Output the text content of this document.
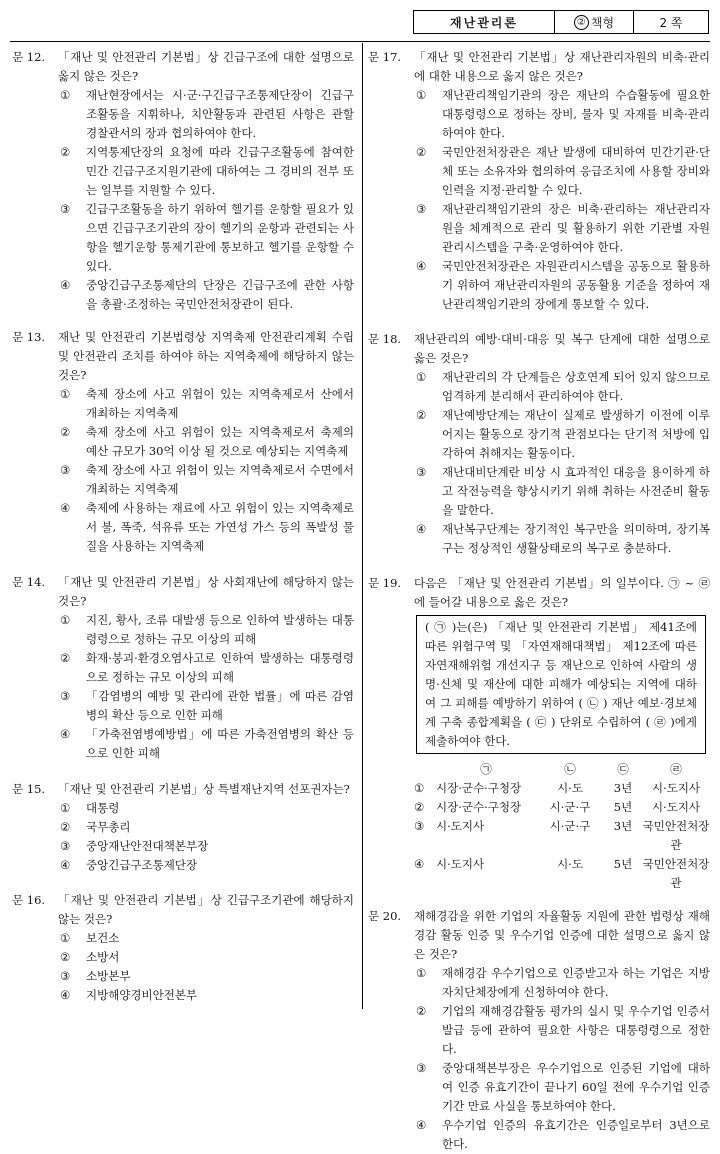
재난관리론	② 책형	2 쪽
문 12. 「재난 및 안전관리 기본법」상 긴급구조에 대한 설명으로 옳지 않은 것은?
①	재난현장에서는 시·군·구긴급구조통제단장이 긴급구조활동을 지휘하나, 치안활동과 관련된 사항은 관할 경찰관서의 장과 협의하여야 한다.
②	지역통제단장의 요청에 따라 긴급구조활동에 참여한 민간 긴급구조지원기관에 대하여는 그 경비의 전부 또는 일부를 지원할 수 있다.
③	긴급구조활동을 하기 위하여 헬기를 운항할 필요가 있으면 긴급구조기관의 장이 헬기의 운항과 관련되는 사항을 헬기운항 통제기관에 통보하고 헬기를 운항할 수 있다.
④	중앙긴급구조통제단의 단장은 긴급구조에 관한 사항을 총괄·조정하는 국민안전처장관이 된다.
문 13. 재난 및 안전관리 기본법령상 지역축제 안전관리계획 수립 및 안전관리 조치를 하여야 하는 지역축제에 해당하지 않는 것은?
①	축제 장소에 사고 위험이 있는 지역축제로서 산에서 개최하는 지역축제
②	축제 장소에 사고 위험이 있는 지역축제로서 축제의 예산 규모가 30억 이상 될 것으로 예상되는 지역축제
③	축제 장소에 사고 위험이 있는 지역축제로서 수면에서 개최하는 지역축제
④	축제에 사용하는 재료에 사고 위험이 있는 지역축제로서 불, 폭죽, 석유류 또는 가연성 가스 등의 폭발성 물질을 사용하는 지역축제
문 14. 「재난 및 안전관리 기본법」상 사회재난에 해당하지 않는 것은?
①	지진, 황사, 조류 대발생 등으로 인하여 발생하는 대통령령으로 정하는 규모 이상의 피해
②	화재·붕괴·환경오염사고로 인하여 발생하는 대통령령으로 정하는 규모 이상의 피해
③	「감염병의 예방 및 관리에 관한 법률」에 따른 감염병의 확산 등으로 인한 피해
④	「가축전염병예방법」에 따른 가축전염병의 확산 등으로 인한 피해
문 15. 「재난 및 안전관리 기본법」상 특별재난지역 선포권자는?
①	대통령
②	국무총리
③	중앙재난안전대책본부장
④	중앙긴급구조통제단장
문 16. 「재난 및 안전관리 기본법」상 긴급구조기관에 해당하지 않는 것은?
①	보건소
②	소방서
③	소방본부
④	지방해양경비안전본부
문 17. 「재난 및 안전관리 기본법」상 재난관리자원의 비축·관리에 대한 내용으로 옳지 않은 것은?
①	재난관리책임기관의 장은 재난의 수습활동에 필요한 대통령령으로 정하는 장비, 물자 및 자재를 비축·관리하여야 한다.
②	국민안전처장관은 재난 발생에 대비하여 민간기관·단체 또는 소유자와 협의하여 응급조치에 사용할 장비와 인력을 지정·관리할 수 있다.
③	재난관리책임기관의 장은 비축·관리하는 재난관리자원을 체계적으로 관리 및 활용하기 위한 기관별 자원관리시스템을 구축·운영하여야 한다.
④	국민안전처장관은 자원관리시스템을 공동으로 활용하기 위하여 재난관리자원의 공동활용 기준을 정하여 재난관리책임기관의 장에게 통보할 수 있다.
문 18. 재난관리의 예방·대비·대응 및 복구 단계에 대한 설명으로 옳은 것은?
①	재난관리의 각 단계들은 상호연계 되어 있지 않으므로 엄격하게 분리해서 관리하여야 한다.
②	재난예방단계는 재난이 실제로 발생하기 이전에 이루어지는 활동으로 장기적 관점보다는 단기적 처방에 입각하여 취해지는 활동이다.
③	재난대비단계란 비상 시 효과적인 대응을 용이하게 하고 작전능력을 향상시키기 위해 취하는 사전준비 활동을 말한다.
④	재난복구단계는 장기적인 복구만을 의미하며, 장기복구는 정상적인 생활상태로의 복구로 충분하다.
문 19. 다음은 「재난 및 안전관리 기본법」의 일부이다. ㉠ ~ ㉣에 들어갈 내용으로 옳은 것은?
( ㉠ )는(은) 「재난 및 안전관리 기본법」 제41조에 따른 위험구역 및 「자연재해대책법」 제12조에 따른 자연재해위험 개선지구 등 재난으로 인하여 사람의 생명·신체 및 재산에 대한 피해가 예상되는 지역에 대하여 그 피해를 예방하기 위하여 ( ㉡ ) 재난 예보·경보체계 구축 종합계획을 ( ㉢ ) 단위로 수립하여 ( ㉣ )에게 제출하여야 한다.
	㉠	㉡	㉢	㉣
①	시장·군수·구청장	시·도	3년	시·도지사
②	시장·군수·구청장	시·군·구	5년	시·도지사
③	시·도지사	시·군·구	3년	국민안전처장관
④	시·도지사	시·도	5년	국민안전처장관
문 20. 재해경감을 위한 기업의 자율활동 지원에 관한 법령상 재해경감 활동 인증 및 우수기업 인증에 대한 설명으로 옳지 않은 것은?
①	재해경감 우수기업으로 인증받고자 하는 기업은 지방자치단체장에게 신청하여야 한다.
②	기업의 재해경감활동 평가의 실시 및 우수기업 인증서 발급 등에 관하여 필요한 사항은 대통령령으로 정한다.
③	중앙대책본부장은 우수기업으로 인증된 기업에 대하여 인증 유효기간이 끝나기 60일 전에 우수기업 인증기간 만료 사실을 통보하여야 한다.
④	우수기업 인증의 유효기간은 인증일로부터 3년으로 한다.
